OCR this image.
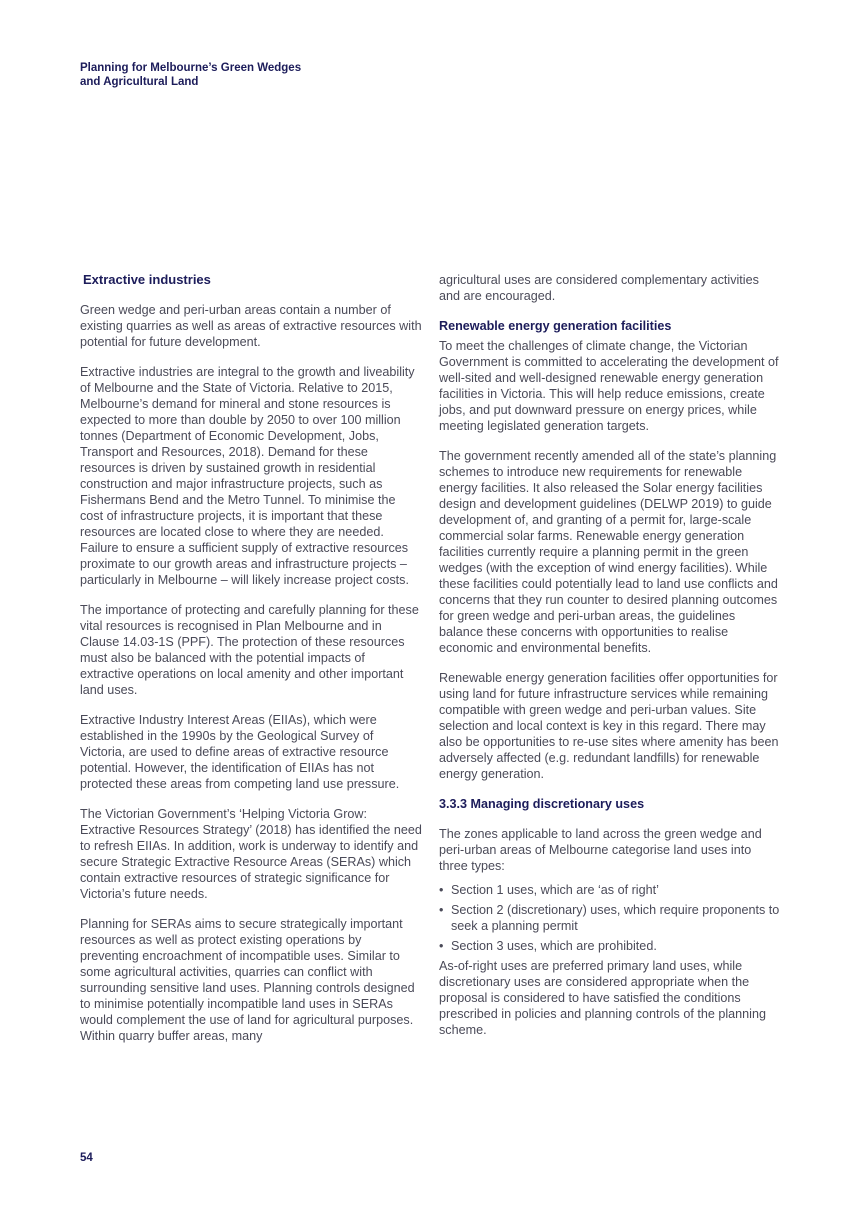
Planning for Melbourne’s Green Wedges and Agricultural Land
Extractive industries

Green wedge and peri-urban areas contain a number of existing quarries as well as areas of extractive resources with potential for future development.

Extractive industries are integral to the growth and liveability of Melbourne and the State of Victoria. Relative to 2015, Melbourne’s demand for mineral and stone resources is expected to more than double by 2050 to over 100 million tonnes (Department of Economic Development, Jobs, Transport and Resources, 2018). Demand for these resources is driven by sustained growth in residential construction and major infrastructure projects, such as Fishermans Bend and the Metro Tunnel. To minimise the cost of infrastructure projects, it is important that these resources are located close to where they are needed. Failure to ensure a sufficient supply of extractive resources proximate to our growth areas and infrastructure projects – particularly in Melbourne – will likely increase project costs.

The importance of protecting and carefully planning for these vital resources is recognised in Plan Melbourne and in Clause 14.03-1S (PPF). The protection of these resources must also be balanced with the potential impacts of extractive operations on local amenity and other important land uses.

Extractive Industry Interest Areas (EIIAs), which were established in the 1990s by the Geological Survey of Victoria, are used to define areas of extractive resource potential. However, the identification of EIIAs has not protected these areas from competing land use pressure.

The Victorian Government’s ‘Helping Victoria Grow: Extractive Resources Strategy’ (2018) has identified the need to refresh EIIAs. In addition, work is underway to identify and secure Strategic Extractive Resource Areas (SERAs) which contain extractive resources of strategic significance for Victoria’s future needs.

Planning for SERAs aims to secure strategically important resources as well as protect existing operations by preventing encroachment of incompatible uses. Similar to some agricultural activities, quarries can conflict with surrounding sensitive land uses. Planning controls designed to minimise potentially incompatible land uses in SERAs would complement the use of land for agricultural purposes. Within quarry buffer areas, many

agricultural uses are considered complementary activities and are encouraged.

Renewable energy generation facilities

To meet the challenges of climate change, the Victorian Government is committed to accelerating the development of well-sited and well-designed renewable energy generation facilities in Victoria. This will help reduce emissions, create jobs, and put downward pressure on energy prices, while meeting legislated generation targets.

The government recently amended all of the state’s planning schemes to introduce new requirements for renewable energy facilities. It also released the Solar energy facilities design and development guidelines (DELWP 2019) to guide development of, and granting of a permit for, large-scale commercial solar farms. Renewable energy generation facilities currently require a planning permit in the green wedges (with the exception of wind energy facilities). While these facilities could potentially lead to land use conflicts and concerns that they run counter to desired planning outcomes for green wedge and peri-urban areas, the guidelines balance these concerns with opportunities to realise economic and environmental benefits.

Renewable energy generation facilities offer opportunities for using land for future infrastructure services while remaining compatible with green wedge and peri-urban values. Site selection and local context is key in this regard. There may also be opportunities to re-use sites where amenity has been adversely affected (e.g. redundant landfills) for renewable energy generation.

3.3.3 Managing discretionary uses

The zones applicable to land across the green wedge and peri-urban areas of Melbourne categorise land uses into three types:

• Section 1 uses, which are ‘as of right’
• Section 2 (discretionary) uses, which require proponents to seek a planning permit
• Section 3 uses, which are prohibited.

As-of-right uses are preferred primary land uses, while discretionary uses are considered appropriate when the proposal is considered to have satisfied the conditions prescribed in policies and planning controls of the planning scheme.

54
